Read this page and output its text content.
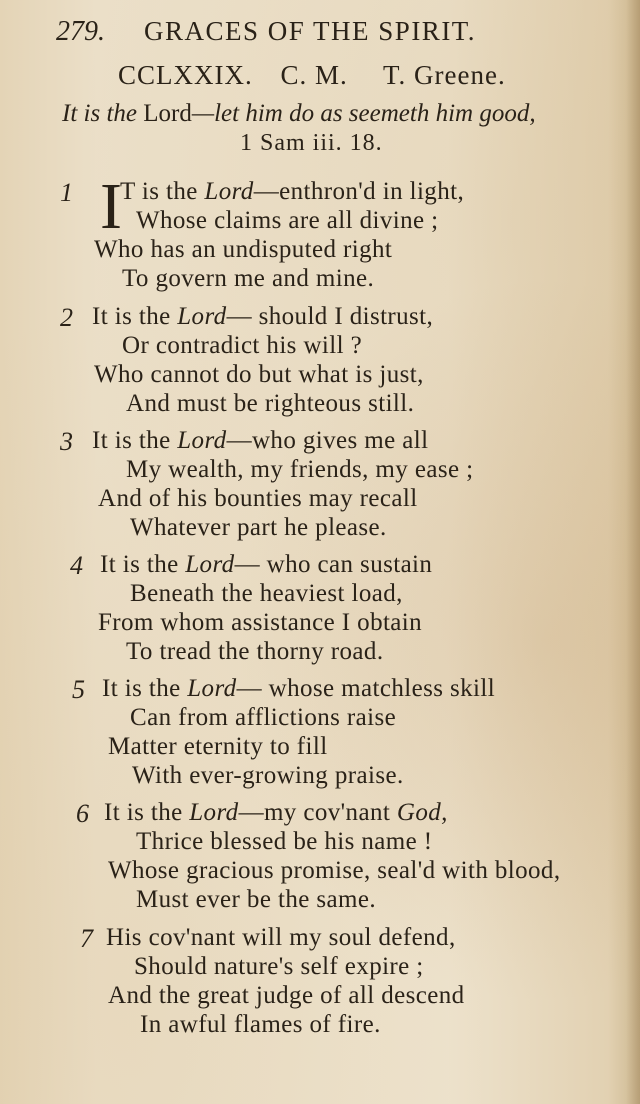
279. GRACES OF THE SPIRIT.
CCLXXIX. C. M. T. Greene.
It is the Lord—let him do as seemeth him good,
1 Sam iii. 18.
1 I
T is the Lord—enthron'd in light,
Whose claims are all divine ;
Who has an undisputed right
To govern me and mine.
2 It is the Lord— should I distrust,
Or contradict his will ?
Who cannot do but what is just,
And must be righteous still.
3 It is the Lord—who gives me all
My wealth, my friends, my ease ;
And of his bounties may recall
Whatever part he please.
4 It is the Lord— who can sustain
Beneath the heaviest load,
From whom assistance I obtain
To tread the thorny road.
5 It is the Lord— whose matchless skill
Can from afflictions raise
Matter eternity to fill
With ever-growing praise.
6 It is the Lord—my cov'nant God,
Thrice blessed be his name !
Whose gracious promise, seal'd with blood,
Must ever be the same.
7 His cov'nant will my soul defend,
Should nature's self expire ;
And the great judge of all descend
In awful flames of fire.
